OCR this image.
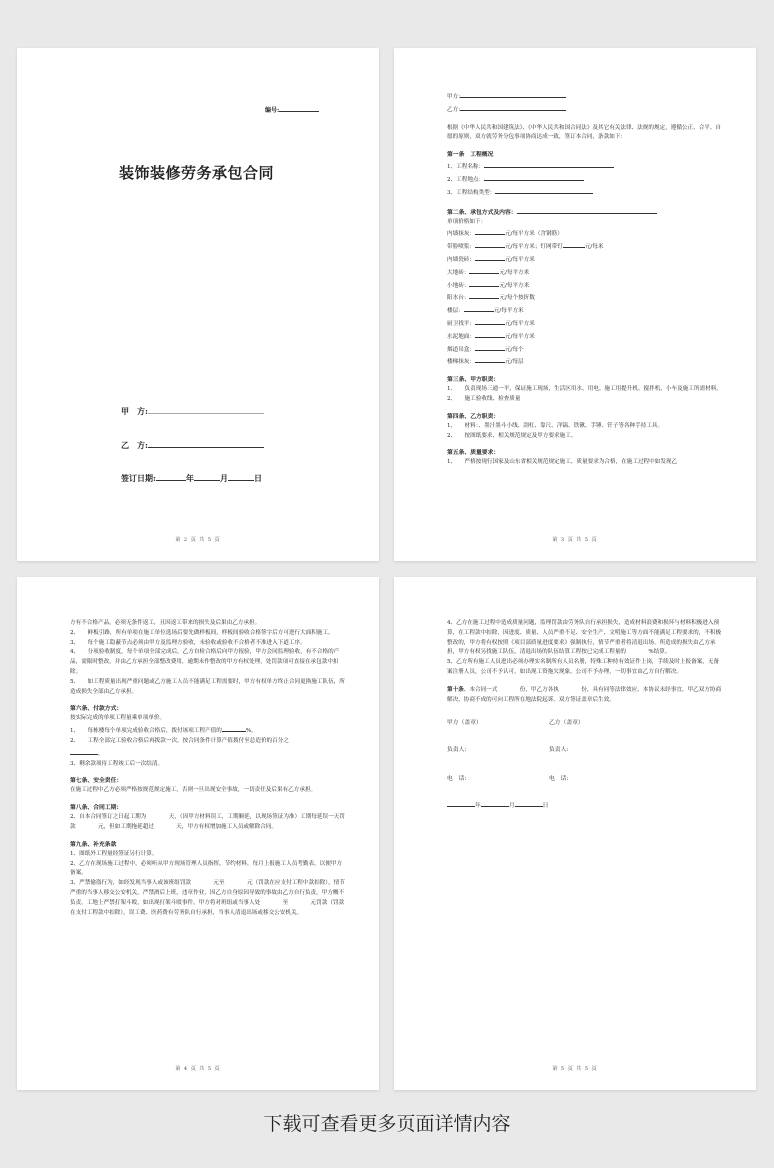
编号:
装饰装修劳务承包合同
甲　方:
乙　方:
签订日期:	年	月	日
第 2 页 共 5 页
甲方:
乙方:
根据《中华人民共和国建筑法》、《中华人民共和国合同法》及其它有关法律、法规的规定，遵循公正、合平、自愿的原则，双方就劳务分包事项协商达成一致，签订本合同，条款如下：
第一条　工程概况
1、工程名称：
2、工程地点：
3、工程结构类型：
第二条、承包方式及内容：
单项价格如下：
内墙抹灰：	元/每平方米（含钢筋）
带脸喷浆：	元/每平方米；钉网带钉	元/每米
内墙瓷砖：	元/每平方米
大地砖：	元/每平方米
小地砖：	元/每平方米
阳水台：	元/每个按折数
楼层：	元/每平方米
厨卫找平：	元/每平方米
水泥地面：	元/每平方米
烟道吊盒：	元/每个
楼梯抹灰：	元/每层
第三条、甲方职责：
1、　　负责现场三通一平，保证施工现场，生活区用水、用电。施工用提升机、搅拌机、小车及施工所需材料。
2、　　施工验收线、检查质量
第四条、乙方职责：
1、　　材料：、墨汁墨斗小线、刮杠、靠尺、洋镐、铁锹、手锤、钎子等各种手持工具。
2、　　按图纸要求、相关规范规定及甲方要求施工。
第五条、质量要求：
1、　　严格按现行国家及山东省相关规范规定施工，质量要求为合格，在施工过程中如发现乙
第 3 页 共 5 页
方有不合格产品，必须无条件返工，且因返工带来的损失及后果由乙方承担。
2、　　鲜板引路，所有单项在施工单位选场后要先做样板间，样板间验收合格签字后方可进行大面积施工。
3、　　每个施工隐蔽节点必须由甲方及监理方验收，未验收或验收不合格者不准进入下道工序。
4、　　分项验收制度，每个单项全部完成后，乙方自检合格后向甲方报验，甲方会同监理验收，有不合格的产品，需限时整改，并由乙方承担全部整改费用，逾期未作整改的甲方有权处理，处罚款项可直接在承包款中扣除。
5、　　如工程质量出现严重问题或乙方施工人员不能满足工程需要时，甲方有权单方终止合同更换施工队伍，所造成损失全部由乙方承担。
第六条、付款方式：
按实际完成的单项工程量乘单项单价。
1、　　每栋楼每个单项完成验收合格后，拨付该项工程产值的	%。
2、　　工程全部完工验收合格后再拨款一次，按合同条件计算产值拨付至总造价的百分之
。
3、剩余款项待工程竣工后一次结清。
第七条、安全责任：
在施工过程中乙方必须严格按规范规定施工，否则一旦出现安全事故，一切责任及后果有乙方承担。
第八条、合同工期：
2、自本合同签订之日起工期为　　　　天，（因甲方材料误工，工期顺延，以现场签证为准）工期每延误一天罚款　　　　元，但如工期拖延超过　　　　天，甲方有权增加施工人员或解除合同。
第九条、补充条款
1、图纸外工程量经签证另行计算。
2、乙方在现场施工过程中，必须听从甲方现场管理人员指挥，节约材料，每月上报施工人员考勤表，以便甲方备案。
3、严禁偷盗行为，如经发现当事人或该班组罚款　　　　元至　　　　元（罚款在应支付工程中款扣除），情节严重的当事人移交公安机关，严禁酒后上班，违章作业，因乙方自身原因导致的事故由乙方自行负责，甲方概不负责。工地上严禁打架斗殴，如出现打架斗殴事件，甲方将对班组或当事人处　　　　至　　　　元罚款（罚款在支付工程款中扣除），误工费、医药费有劳务队自行承担，当事人清退出场或移交公安机关。
第 4 页 共 5 页
4、乙方在施工过程中造成质量问题，监理罚款由劳务队自行承担损失，造成材料浪费和损坏与材料积极进入预算，在工程款中扣除，因进度、质量、人员严重不足、安全生产、文明施工等方面不能满足工程要求的，不积极整改的，甲方将有权按照《项目部质量进度要求》强制执行，情节严重者将清退出场。所造成的损失由乙方承担，甲方有权另找施工队伍，清退出场的队伍结算工程按已完成工程量的　　　　%结算。
5、乙方所有施工人员进出必须办理实名制所有人员名册，特殊工种持有效证件上岗，手续及时上报备案，无备案注册人员，公司不予认可，如出现工资拖欠现象，公司不予办理，一切事宜由乙方自行解决。
第十条、本合同一式　　　　份，甲乙方各执　　　　份，具有同等法律效应，本协议未经事宜，甲乙双方协商解决，协商不成的可向工程所在地法院起诉，双方签证盖章后生效。
甲方（盖章）	乙方（盖章）
负责人:	负责人:
电　话:	电　话:
年	月	日
第 5 页 共 5 页
下载可查看更多页面详情内容
